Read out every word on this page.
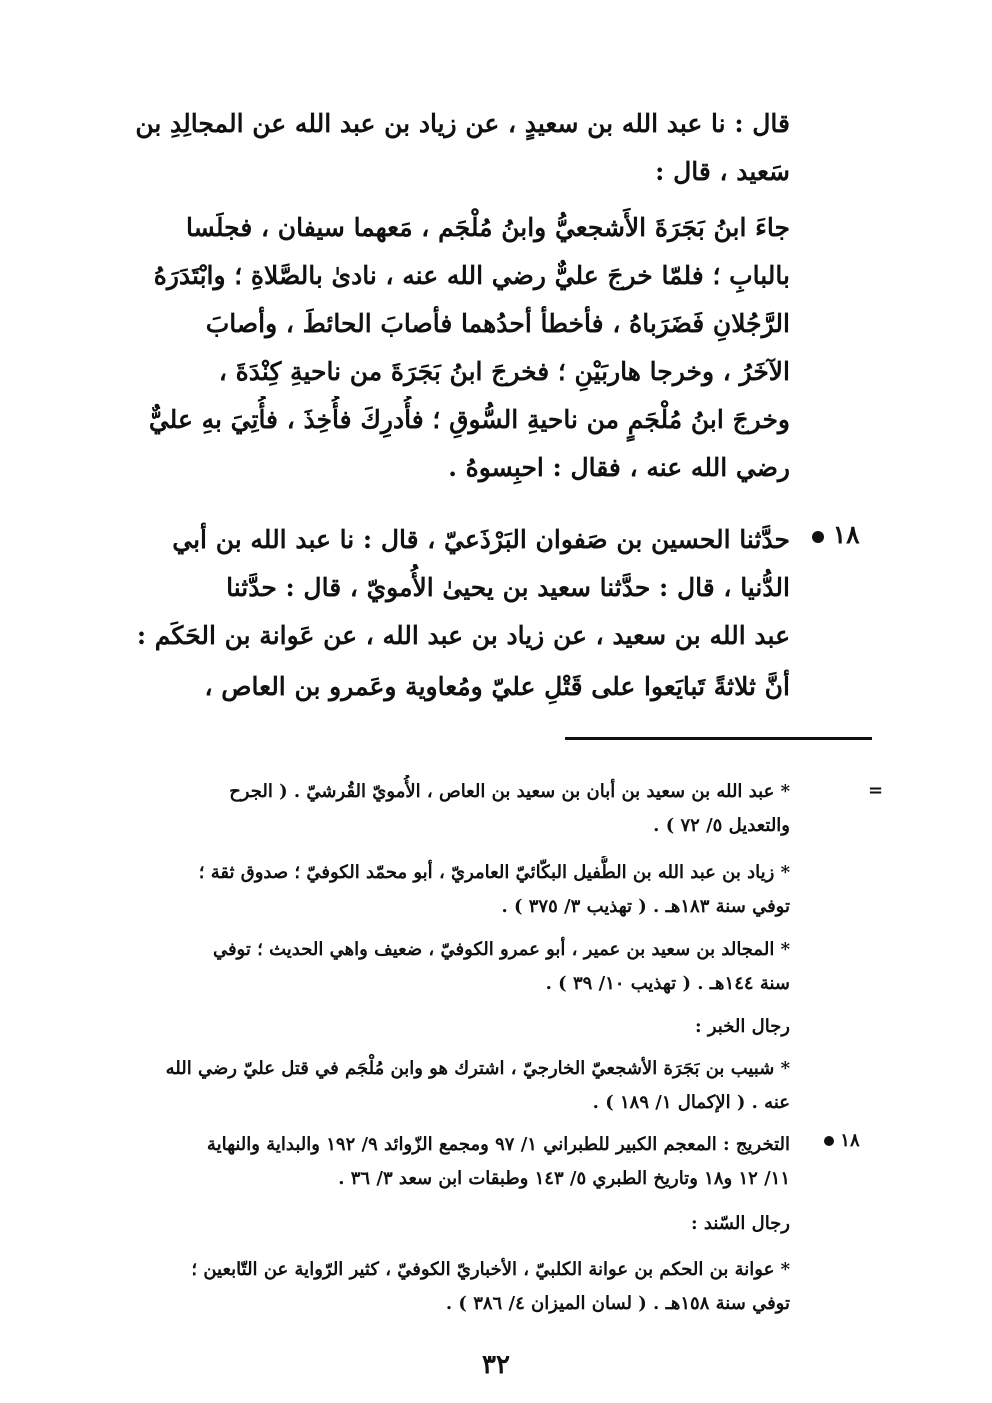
قال : نا عبد الله بن سعيدٍ ، عن زياد بن عبد الله عن المجالِدِ بن
سَعيد ، قال :
جاءَ ابنُ بَجَرَةَ الأَشجعيُّ وابنُ مُلْجَم ، مَعهما سيفان ، فجلَسا
بالبابِ ؛ فلمّا خرجَ عليٌّ رضي الله عنه ، نادىٰ بالصَّلاةِ ؛ وابْتَدَرَهُ
الرَّجُلانِ فَضَرَباهُ ، فأخطأ أحدُهما فأصابَ الحائطَ ، وأصابَ
الآخَرُ ، وخرجا هاربَيْنِ ؛ فخرجَ ابنُ بَجَرَةَ من ناحيةِ كِنْدَةَ ،
وخرجَ ابنُ مُلْجَمٍ من ناحيةِ السُّوقِ ؛ فأُدرِكَ فأُخِذَ ، فأُتِيَ بهِ عليٌّ
رضي الله عنه ، فقال : احبِسوهُ .
١٨
حدَّثنا الحسين بن صَفوان البَرْذَعيّ ، قال : نا عبد الله بن أبي
الدُّنيا ، قال : حدَّثنا سعيد بن يحيىٰ الأُمويّ ، قال : حدَّثنا
عبد الله بن سعيد ، عن زياد بن عبد الله ، عن عَوانة بن الحَكَم :
أنَّ ثلاثةً تَبايَعوا على قَتْلِ عليّ ومُعاوية وعَمرو بن العاص ،
=
* عبد الله بن سعيد بن أبان بن سعيد بن العاص ، الأُمويّ القُرشيّ . ( الجرح
والتعديل ٥/ ٧٢ ) .
* زياد بن عبد الله بن الطُّفيل البكّائيّ العامريّ ، أبو محمّد الكوفيّ ؛ صدوق ثقة ؛
توفي سنة ١٨٣هـ . ( تهذيب ٣/ ٣٧٥ ) .
* المجالد بن سعيد بن عمير ، أبو عمرو الكوفيّ ، ضعيف واهي الحديث ؛ توفي
سنة ١٤٤هـ . ( تهذيب ١٠/ ٣٩ ) .
رجال الخبر :
* شبيب بن بَجَرَة الأشجعيّ الخارجيّ ، اشترك هو وابن مُلْجَم في قتل عليّ رضي الله
عنه . ( الإكمال ١/ ١٨٩ ) .
١٨
التخريج : المعجم الكبير للطبراني ١/ ٩٧ ومجمع الزّوائد ٩/ ١٩٢ والبداية والنهاية
١١/ ١٢ و١٨ وتاريخ الطبري ٥/ ١٤٣ وطبقات ابن سعد ٣/ ٣٦ .
رجال السّند :
* عوانة بن الحكم بن عوانة الكلبيّ ، الأخباريّ الكوفيّ ، كثير الرّواية عن التّابعين ؛
توفي سنة ١٥٨هـ . ( لسان الميزان ٤/ ٣٨٦ ) .
٣٢
